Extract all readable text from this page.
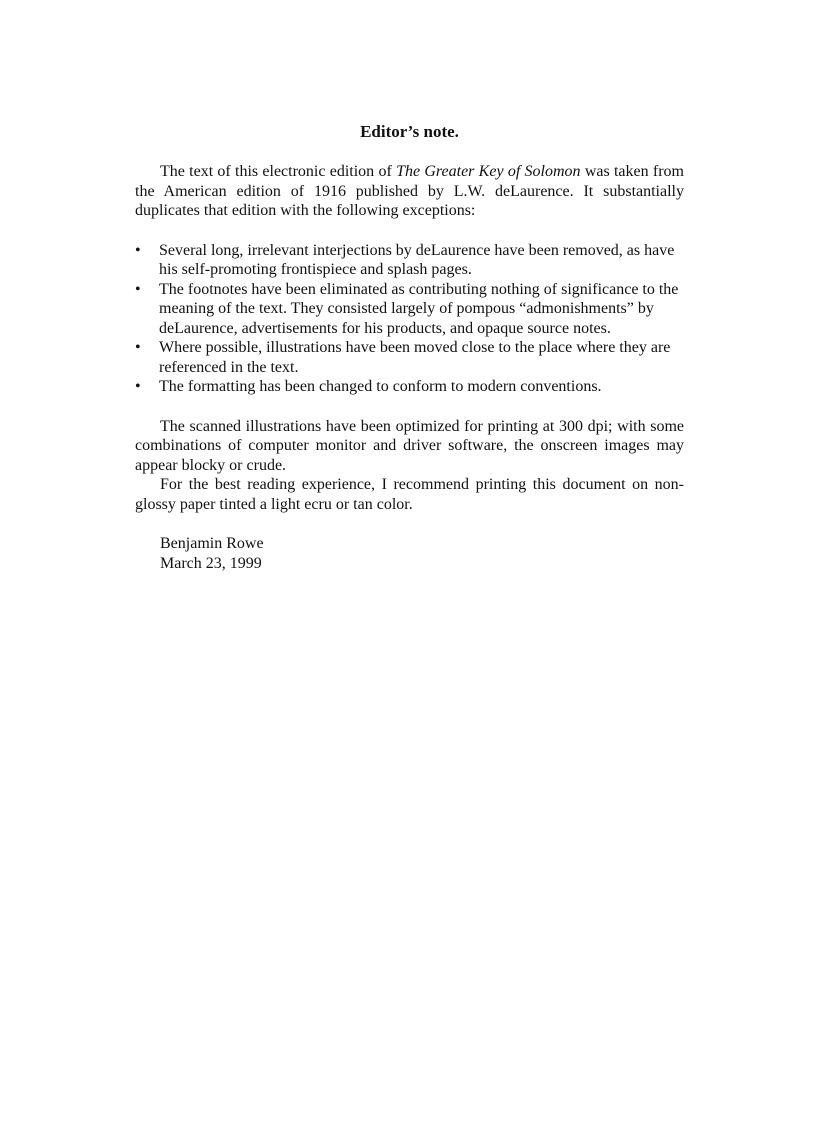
Editor’s note.

The text of this electronic edition of The Greater Key of Solomon was taken from the American edition of 1916 published by L.W. deLaurence. It substantially duplicates that edition with the following exceptions:

• Several long, irrelevant interjections by deLaurence have been removed, as have his self-promoting frontispiece and splash pages.
• The footnotes have been eliminated as contributing nothing of significance to the meaning of the text. They consisted largely of pompous “admonishments” by deLaurence, advertisements for his products, and opaque source notes.
• Where possible, illustrations have been moved close to the place where they are referenced in the text.
• The formatting has been changed to conform to modern conventions.

The scanned illustrations have been optimized for printing at 300 dpi; with some combinations of computer monitor and driver software, the onscreen images may appear blocky or crude.

For the best reading experience, I recommend printing this document on non-glossy paper tinted a light ecru or tan color.

Benjamin Rowe
March 23, 1999
